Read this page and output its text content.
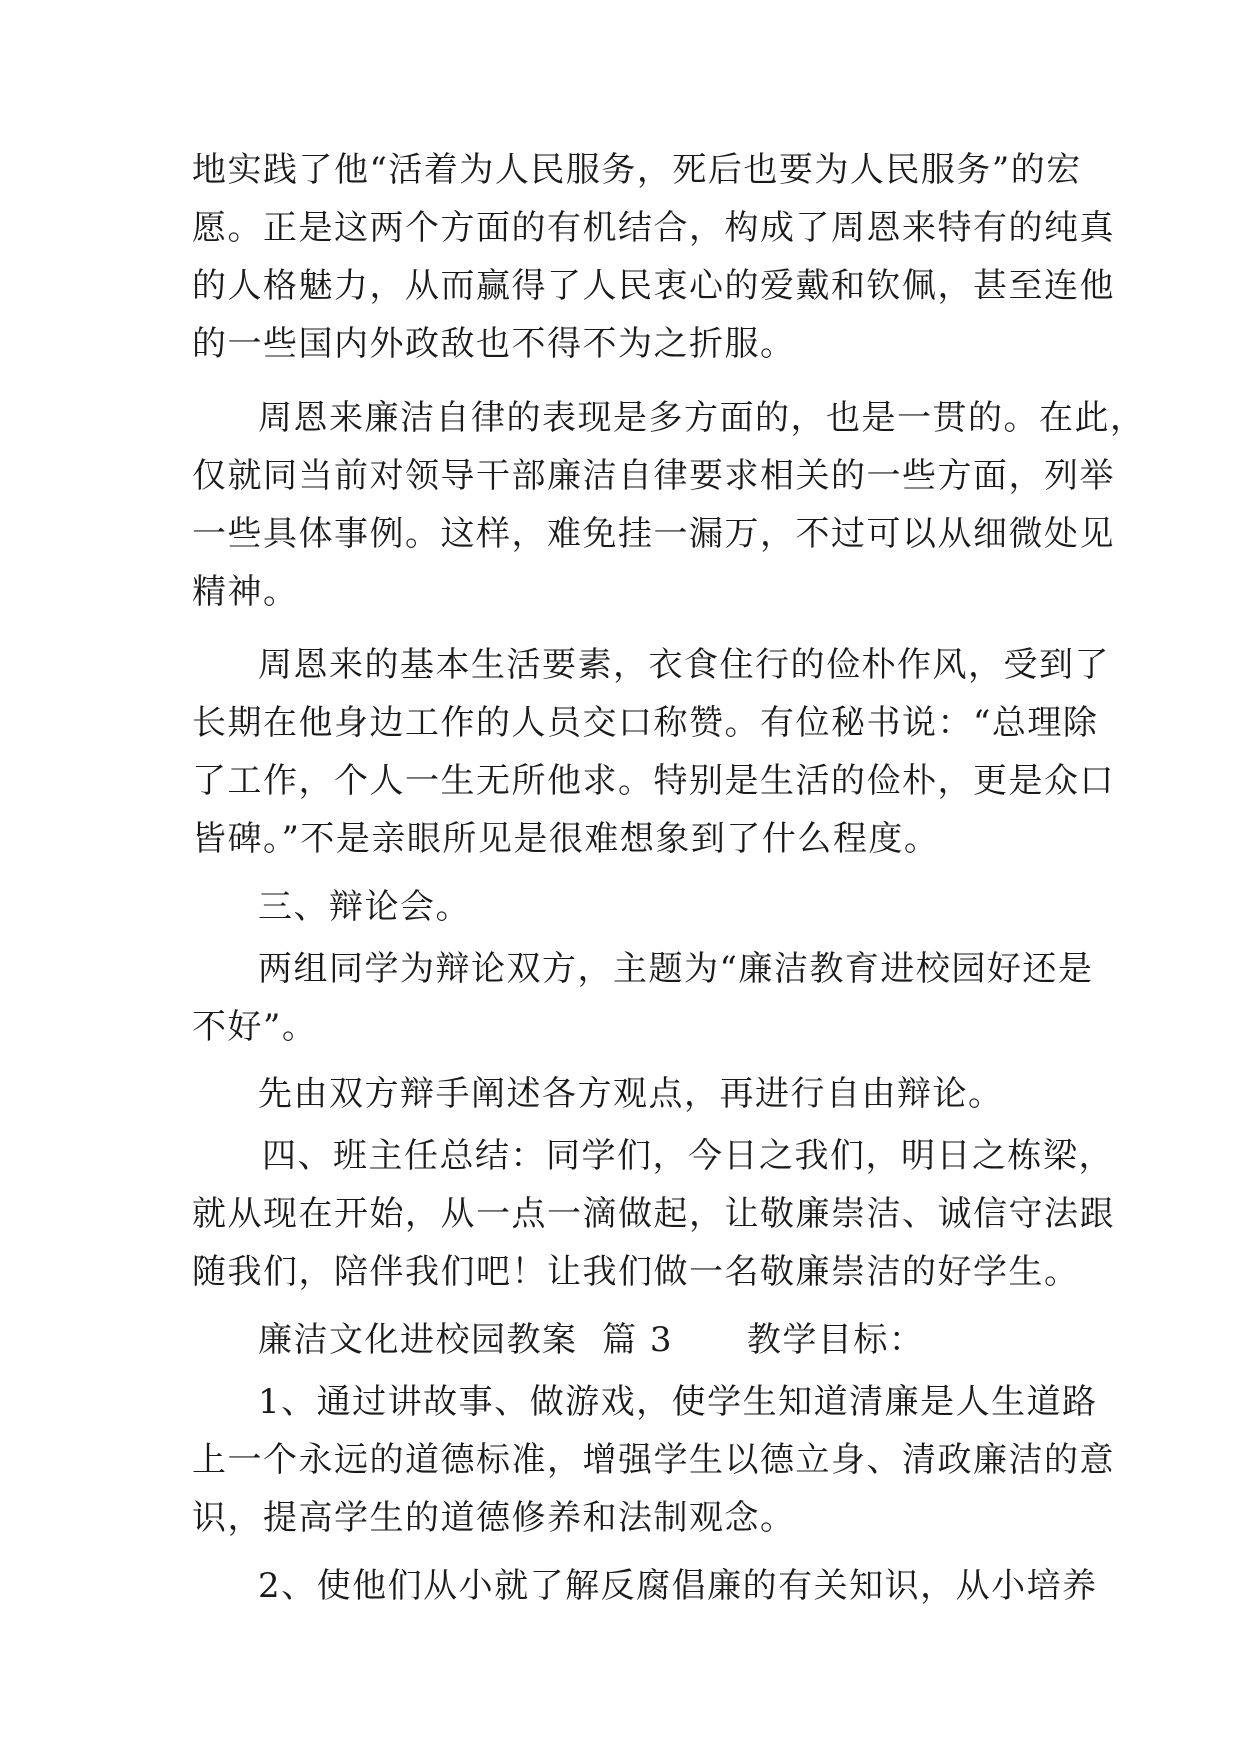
地实践了他“活着为人民服务，死后也要为人民服务”的宏
愿。正是这两个方面的有机结合，构成了周恩来特有的纯真
的人格魅力，从而赢得了人民衷心的爱戴和钦佩，甚至连他
的一些国内外政敌也不得不为之折服。
周恩来廉洁自律的表现是多方面的，也是一贯的。在此，
仅就同当前对领导干部廉洁自律要求相关的一些方面，列举
一些具体事例。这样，难免挂一漏万，不过可以从细微处见
精神。
周恩来的基本生活要素，衣食住行的俭朴作风，受到了
长期在他身边工作的人员交口称赞。有位秘书说：“总理除
了工作，个人一生无所他求。特别是生活的俭朴，更是众口
皆碑。”不是亲眼所见是很难想象到了什么程度。
三、辩论会。
两组同学为辩论双方，主题为“廉洁教育进校园好还是
不好”。
先由双方辩手阐述各方观点，再进行自由辩论。
四、班主任总结：同学们，今日之我们，明日之栋梁，
就从现在开始，从一点一滴做起，让敬廉崇洁、诚信守法跟
随我们，陪伴我们吧！让我们做一名敬廉崇洁的好学生。
廉洁文化进校园教案  篇 3      教学目标：
1、通过讲故事、做游戏，使学生知道清廉是人生道路
上一个永远的道德标准，增强学生以德立身、清政廉洁的意
识，提高学生的道德修养和法制观念。
2、使他们从小就了解反腐倡廉的有关知识，从小培养
